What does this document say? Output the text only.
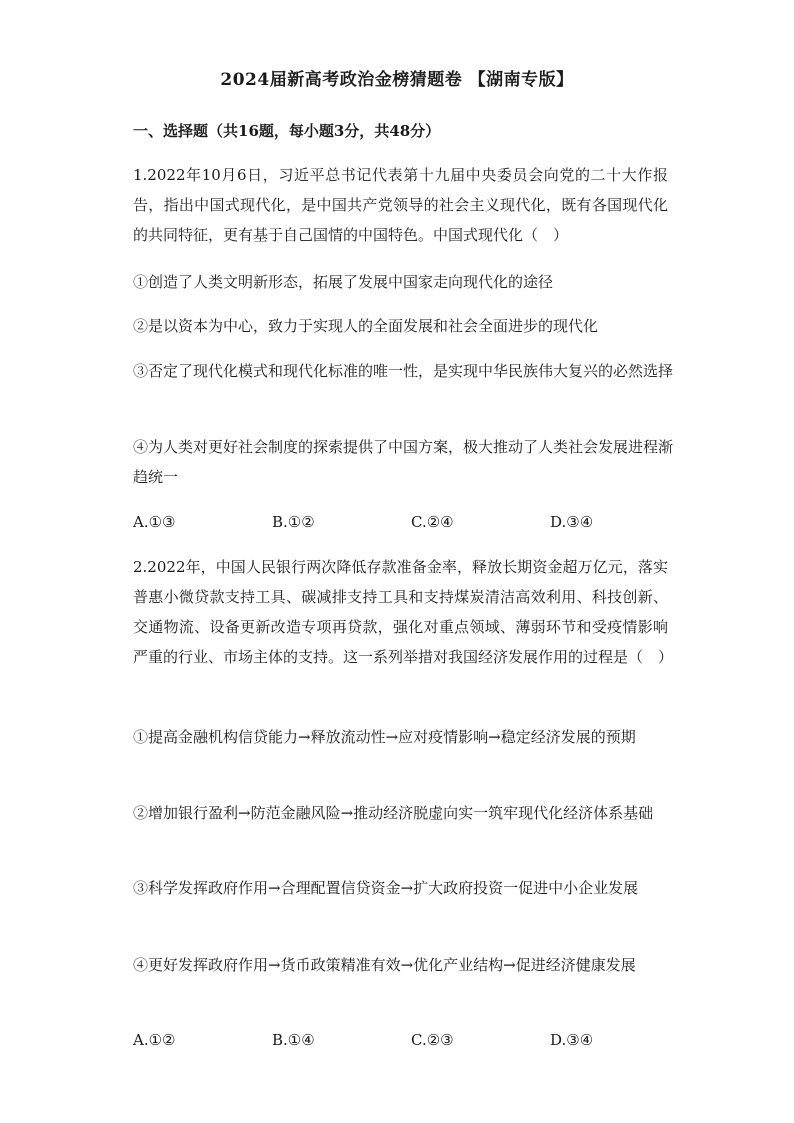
2024届新高考政治金榜猜题卷 【湖南专版】
一、选择题（共16题，每小题3分，共48分）
1.2022年10月6日，习近平总书记代表第十九届中央委员会向党的二十大作报告，指出中国式现代化，是中国共产党领导的社会主义现代化，既有各国现代化的共同特征，更有基于自己国情的中国特色。中国式现代化（　）
①创造了人类文明新形态，拓展了发展中国家走向现代化的途径
②是以资本为中心，致力于实现人的全面发展和社会全面进步的现代化
③否定了现代化模式和现代化标准的唯一性，是实现中华民族伟大复兴的必然选择
④为人类对更好社会制度的探索提供了中国方案，极大推动了人类社会发展进程渐趋统一
A.①③	B.①②	C.②④	D.③④
2.2022年，中国人民银行两次降低存款准备金率，释放长期资金超万亿元，落实普惠小微贷款支持工具、碳减排支持工具和支持煤炭清洁高效利用、科技创新、交通物流、设备更新改造专项再贷款，强化对重点领域、薄弱环节和受疫情影响严重的行业、市场主体的支持。这一系列举措对我国经济发展作用的过程是（　）
①提高金融机构信贷能力→释放流动性→应对疫情影响→稳定经济发展的预期
②增加银行盈利→防范金融风险→推动经济脱虚向实一筑牢现代化经济体系基础
③科学发挥政府作用→合理配置信贷资金→扩大政府投资一促进中小企业发展
④更好发挥政府作用→货币政策精准有效→优化产业结构→促进经济健康发展
A.①②	B.①④	C.②③	D.③④
